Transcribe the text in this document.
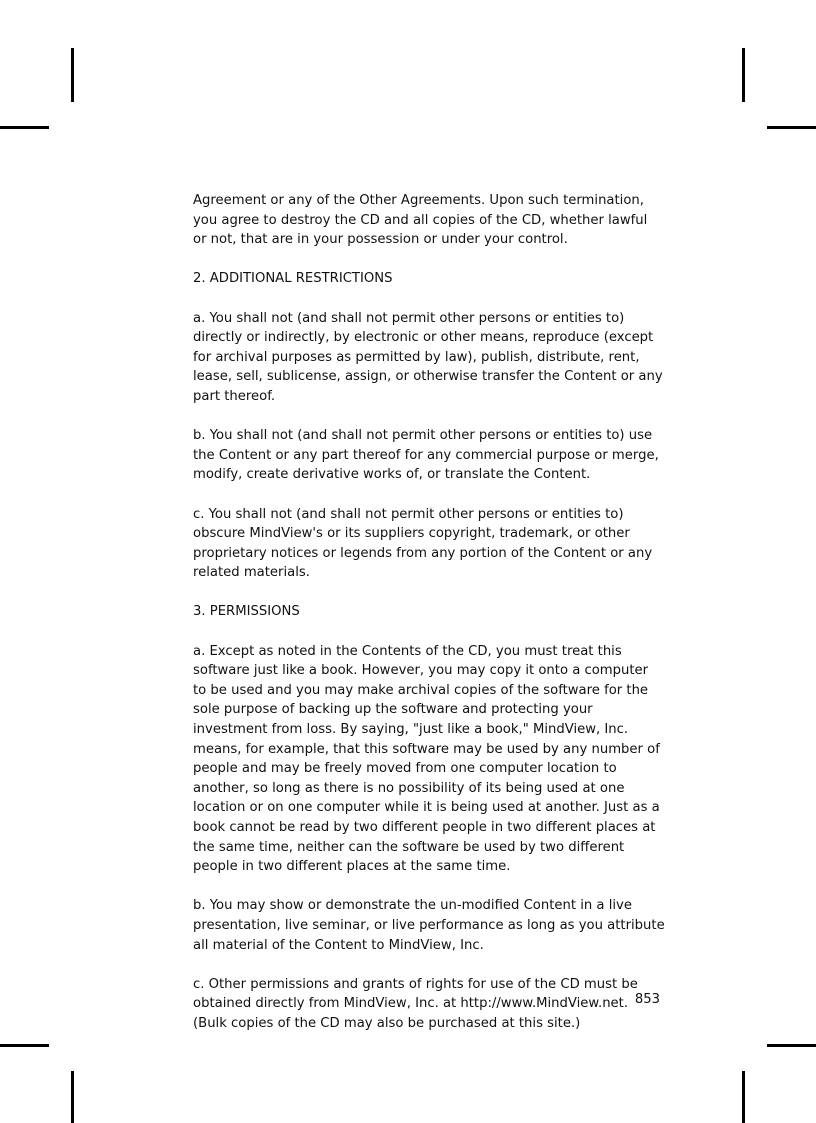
Agreement or any of the Other Agreements. Upon such termination,
you agree to destroy the CD and all copies of the CD, whether lawful
or not, that are in your possession or under your control.

2. ADDITIONAL RESTRICTIONS

a. You shall not (and shall not permit other persons or entities to)
directly or indirectly, by electronic or other means, reproduce (except
for archival purposes as permitted by law), publish, distribute, rent,
lease, sell, sublicense, assign, or otherwise transfer the Content or any
part thereof.

b. You shall not (and shall not permit other persons or entities to) use
the Content or any part thereof for any commercial purpose or merge,
modify, create derivative works of, or translate the Content.

c. You shall not (and shall not permit other persons or entities to)
obscure MindView's or its suppliers copyright, trademark, or other
proprietary notices or legends from any portion of the Content or any
related materials.

3. PERMISSIONS

a. Except as noted in the Contents of the CD, you must treat this
software just like a book. However, you may copy it onto a computer
to be used and you may make archival copies of the software for the
sole purpose of backing up the software and protecting your
investment from loss. By saying, "just like a book," MindView, Inc.
means, for example, that this software may be used by any number of
people and may be freely moved from one computer location to
another, so long as there is no possibility of its being used at one
location or on one computer while it is being used at another. Just as a
book cannot be read by two different people in two different places at
the same time, neither can the software be used by two different
people in two different places at the same time.

b. You may show or demonstrate the un-modified Content in a live
presentation, live seminar, or live performance as long as you attribute
all material of the Content to MindView, Inc.

c. Other permissions and grants of rights for use of the CD must be
obtained directly from MindView, Inc. at http://www.MindView.net.
(Bulk copies of the CD may also be purchased at this site.)

853
